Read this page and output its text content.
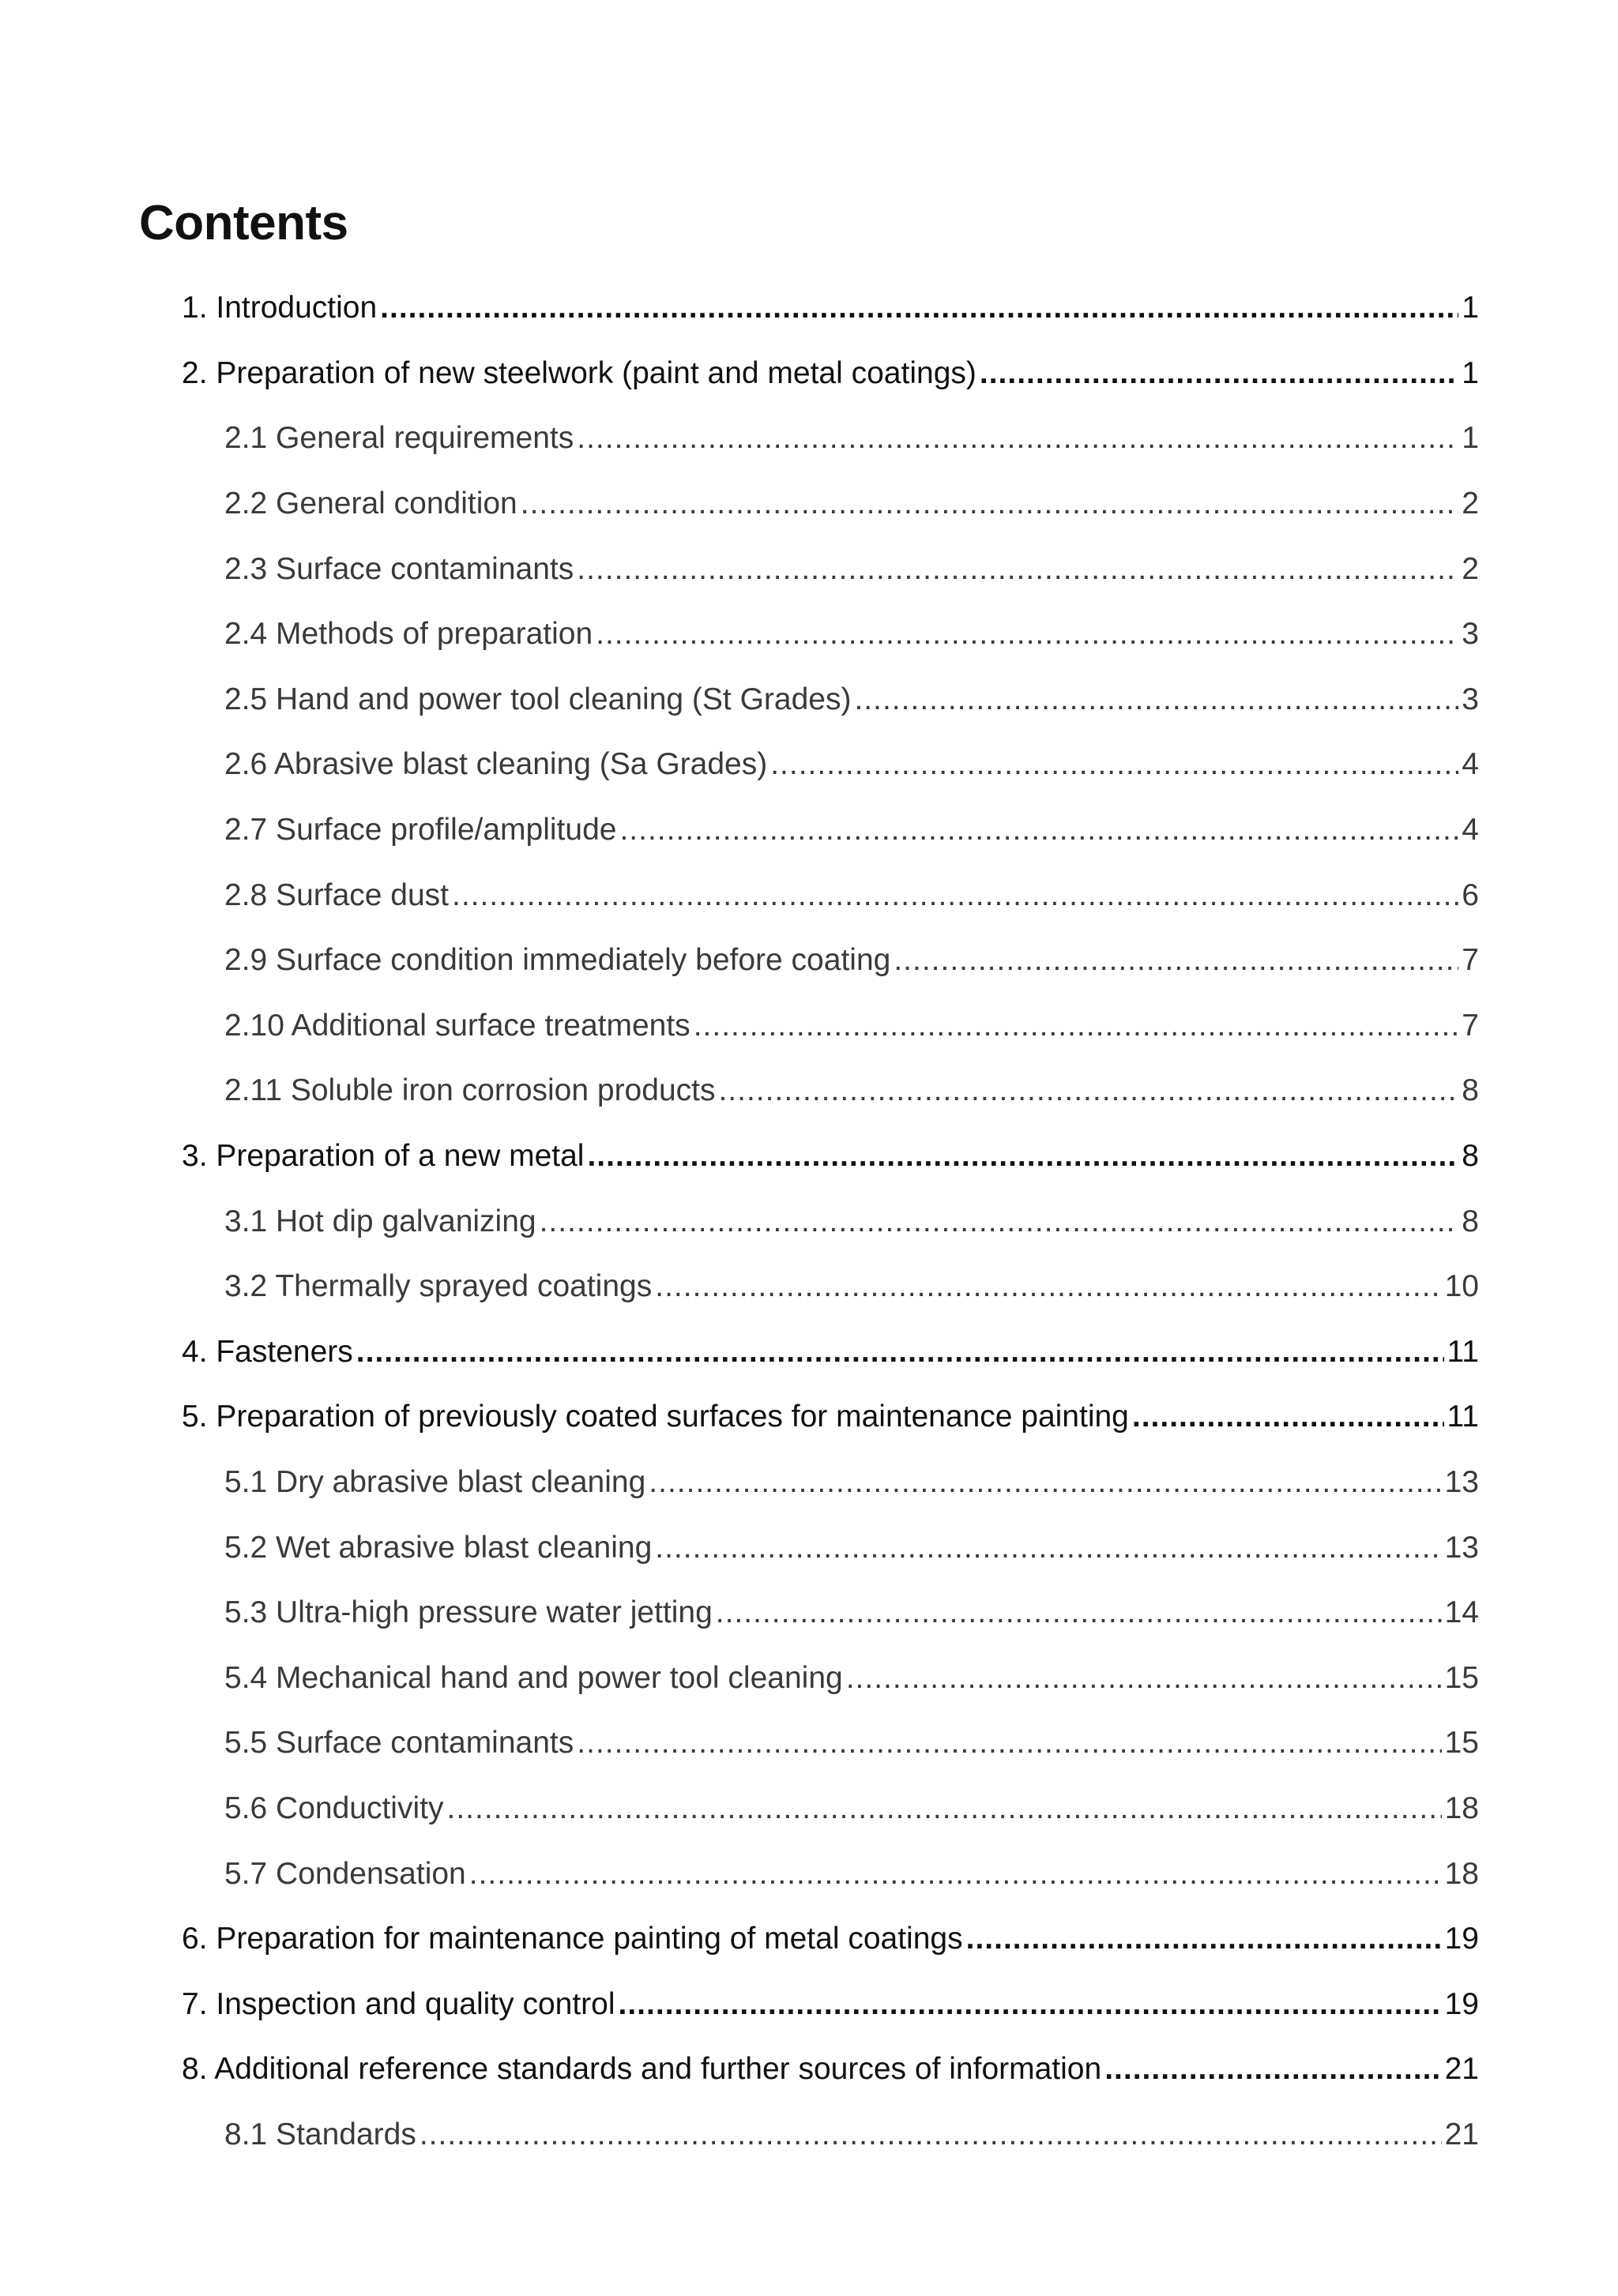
Contents
1. Introduction .....	1
2. Preparation of new steelwork (paint and metal coatings) .....	1
2.1 General requirements .....	1
2.2 General condition .....	2
2.3 Surface contaminants .....	2
2.4 Methods of preparation .....	3
2.5 Hand and power tool cleaning (St Grades) .....	3
2.6 Abrasive blast cleaning (Sa Grades) .....	4
2.7 Surface profile/amplitude .....	4
2.8 Surface dust .....	6
2.9 Surface condition immediately before coating .....	7
2.10 Additional surface treatments .....	7
2.11 Soluble iron corrosion products .....	8
3. Preparation of a new metal .....	8
3.1 Hot dip galvanizing .....	8
3.2 Thermally sprayed coatings .....	10
4. Fasteners .....	11
5. Preparation of previously coated surfaces for maintenance painting .....	11
5.1 Dry abrasive blast cleaning .....	13
5.2 Wet abrasive blast cleaning .....	13
5.3 Ultra-high pressure water jetting .....	14
5.4 Mechanical hand and power tool cleaning .....	15
5.5 Surface contaminants .....	15
5.6 Conductivity .....	18
5.7 Condensation .....	18
6. Preparation for maintenance painting of metal coatings .....	19
7. Inspection and quality control .....	19
8. Additional reference standards and further sources of information .....	21
8.1 Standards .....	21
